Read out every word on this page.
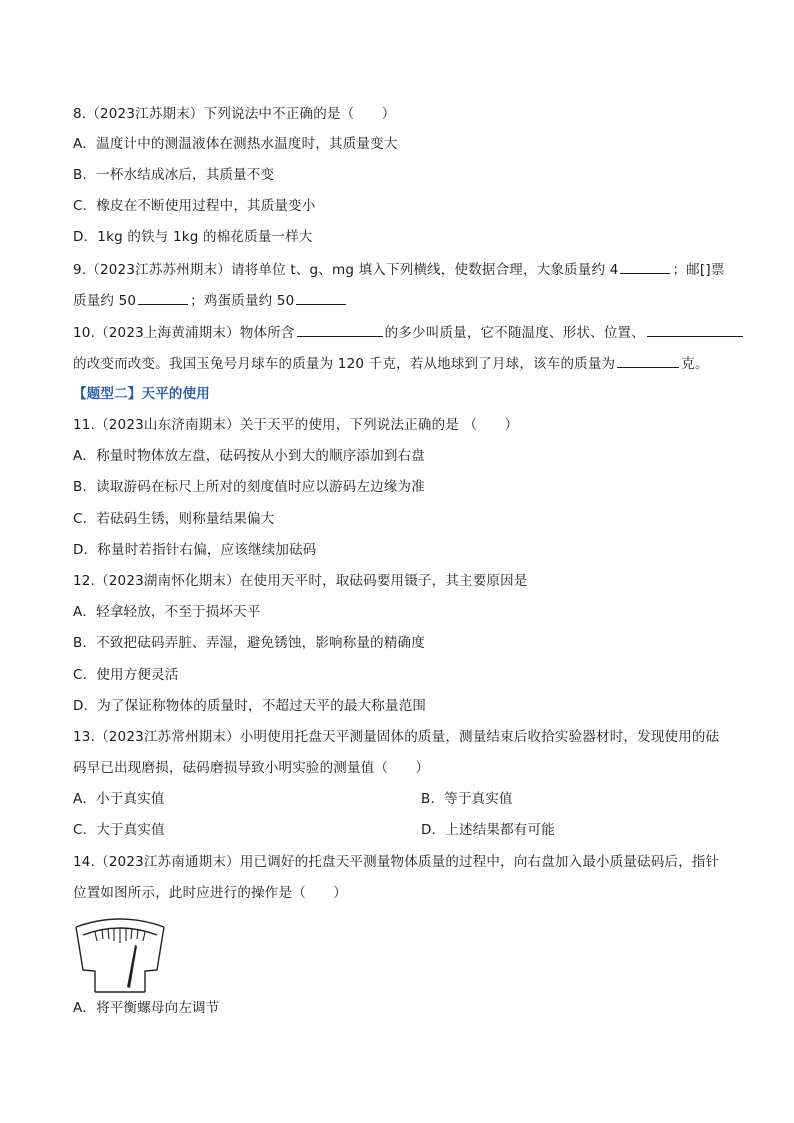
8.（2023江苏期末）下列说法中不正确的是（　　）
A．温度计中的测温液体在测热水温度时，其质量变大
B．一杯水结成冰后，其质量不变
C．橡皮在不断使用过程中，其质量变小
D．1kg 的铁与 1kg 的棉花质量一样大
9.（2023江苏苏州期末）请将单位 t、g、mg 填入下列横线，使数据合理，大象质量约 4	；邮[]票
质量约 50	；鸡蛋质量约 50
10.（2023上海黄浦期末）物体所含	的多少叫质量，它不随温度、形状、位置、
的改变而改变。我国玉兔号月球车的质量为 120 千克，若从地球到了月球，该车的质量为	克。
【题型二】天平的使用
11.（2023山东济南期末）关于天平的使用，下列说法正确的是 （　　）
A．称量时物体放左盘，砝码按从小到大的顺序添加到右盘
B．读取游码在标尺上所对的刻度值时应以游码左边缘为准
C．若砝码生锈，则称量结果偏大
D．称量时若指针右偏，应该继续加砝码
12.（2023湖南怀化期末）在使用天平时，取砝码要用镊子，其主要原因是
A．轻拿轻放，不至于损坏天平
B．不致把砝码弄脏、弄湿，避免锈蚀，影响称量的精确度
C．使用方便灵活
D．为了保证称物体的质量时，不超过天平的最大称量范围
13.（2023江苏常州期末）小明使用托盘天平测量固体的质量，测量结束后收拾实验器材时，发现使用的砝
码早已出现磨损，砝码磨损导致小明实验的测量值（　　）
A．小于真实值	B．等于真实值
C．大于真实值	D．上述结果都有可能
14.（2023江苏南通期末）用已调好的托盘天平测量物体质量的过程中，向右盘加入最小质量砝码后，指针
位置如图所示，此时应进行的操作是（　　）
A．将平衡螺母向左调节
